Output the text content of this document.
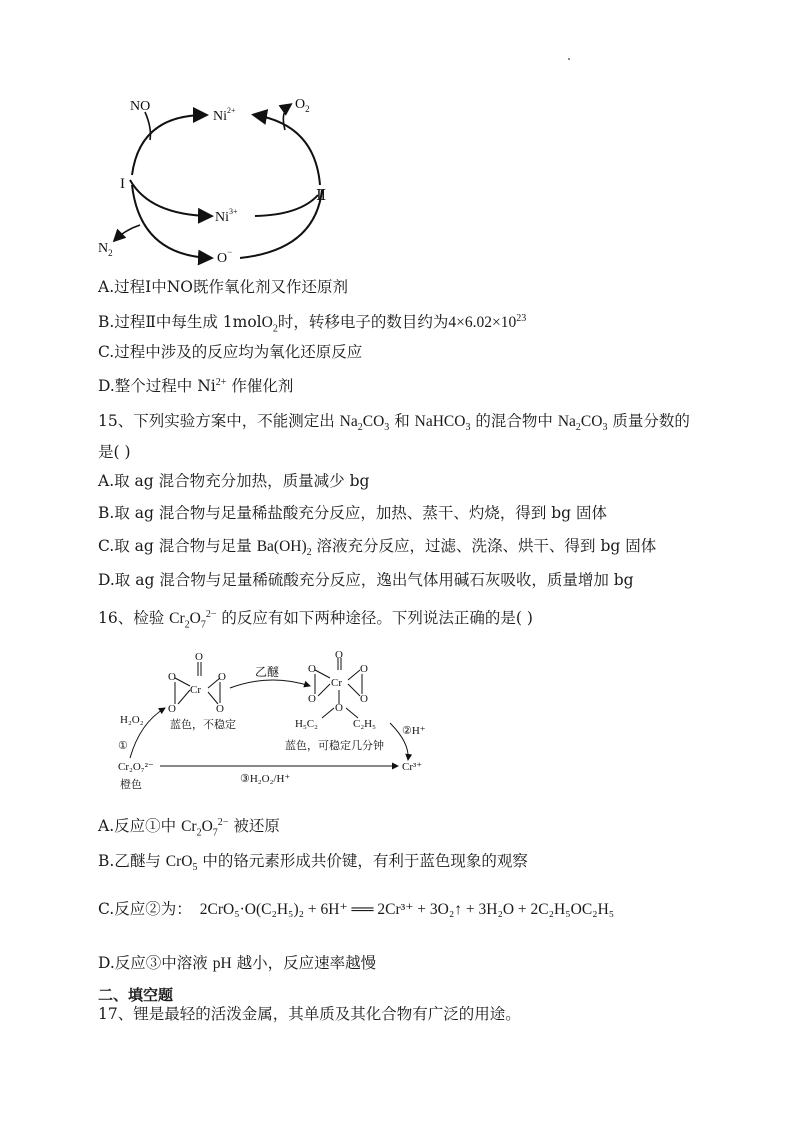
NO
$Ni^{2+}$	$O_2$
I
Ⅱ
$Ni^{3+}$
$N_2$	O−
A.过程Ⅰ中NO既作氧化剂又作还原剂
B.过程Ⅱ中每生成 1molO$_2$时，转移电子的数目约为$4\times 6.02\times 10^{23}$
C.过程中涉及的反应均为氧化还原反应
D.整个过程中 $Ni^{2+}$ 作催化剂
15、下列实验方案中，不能测定出 $Na_2CO_3$ 和 NaHCO$_3$ 的混合物中 $Na_2CO_3$ 质量分数的
是( )
A.取 ag 混合物充分加热，质量减少 bg
B.取 ag 混合物与足量稀盐酸充分反应，加热、蒸干、灼烧，得到 bg 固体
C.取 ag 混合物与足量 $Ba(OH)_2$ 溶液充分反应，过滤、洗涤、烘干、得到 bg 固体
D.取 ag 混合物与足量稀硫酸充分反应，逸出气体用碱石灰吸收，质量增加 bg
16、检验 $Cr_2O_7^{2-}$ 的反应有如下两种途径。下列说法正确的是( )
O
O	O
Cr
O	O
乙醚
O
O	O
Cr
O	O
O
H₅C₂	C₂H₅
H₂O₂ 蓝色，不稳定
蓝色，可稳定几分钟
①
②H⁺
③H₂O₂/H⁺
Cr₂O₇²⁻
橙色
Cr³⁺
A.反应①中 $Cr_2O_7^{2-}$ 被还原
B.乙醚与 CrO$_5$ 中的铬元素形成共价键，有利于蓝色现象的观察
C.反应②为： 2CrO₅·O(C₂H₅)₂ + 6H⁺ ══ 2Cr³⁺ + 3O₂↑ + 3H₂O + 2C₂H₅OC₂H₅
D.反应③中溶液 pH 越小，反应速率越慢
二、填空题
17、锂是最轻的活泼金属，其单质及其化合物有广泛的用途。
